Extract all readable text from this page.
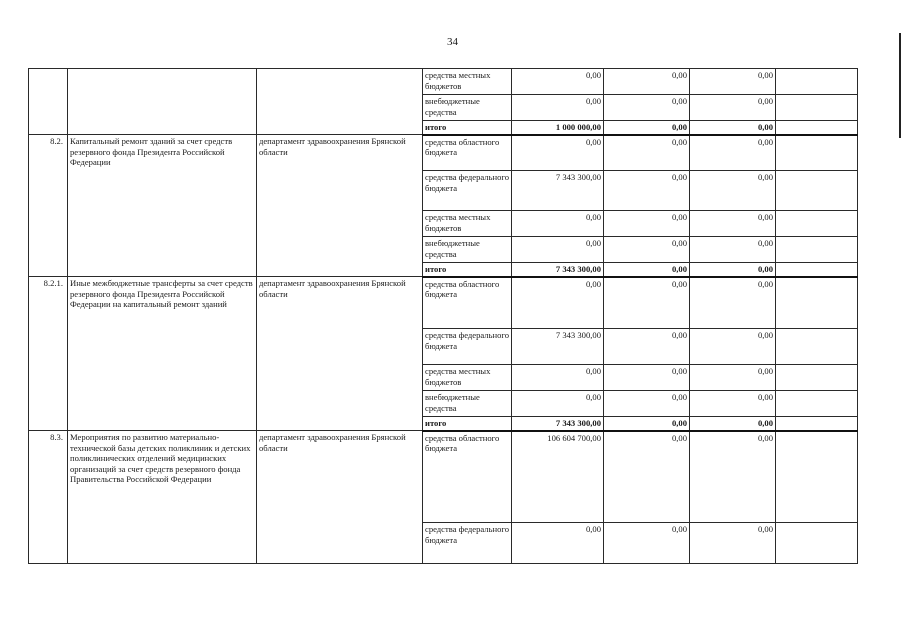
34
			средства местных бюджетов	0,00	0,00	0,00	
			внебюджетные средства	0,00	0,00	0,00	
			итого	1 000 000,00	0,00	0,00	
8.2.	Капитальный ремонт зданий за счет средств резервного фонда Президента Российской Федерации	департамент здравоохранения Брянской области	средства областного бюджета	0,00	0,00	0,00	
			средства федерального бюджета	7 343 300,00	0,00	0,00	
			средства местных бюджетов	0,00	0,00	0,00	
			внебюджетные средства	0,00	0,00	0,00	
			итого	7 343 300,00	0,00	0,00	
8.2.1.	Иные межбюджетные трансферты за счет средств резервного фонда Президента Российской Федерации на капитальный ремонт зданий	департамент здравоохранения Брянской области	средства областного бюджета	0,00	0,00	0,00	
			средства федерального бюджета	7 343 300,00	0,00	0,00	
			средства местных бюджетов	0,00	0,00	0,00	
			внебюджетные средства	0,00	0,00	0,00	
			итого	7 343 300,00	0,00	0,00	
8.3.	Мероприятия по развитию материально-технической базы детских поликлиник и детских поликлинических отделений медицинских организаций за счет средств резервного фонда Правительства Российской Федерации	департамент здравоохранения Брянской области	средства областного бюджета	106 604 700,00	0,00	0,00	
			средства федерального бюджета	0,00	0,00	0,00	
